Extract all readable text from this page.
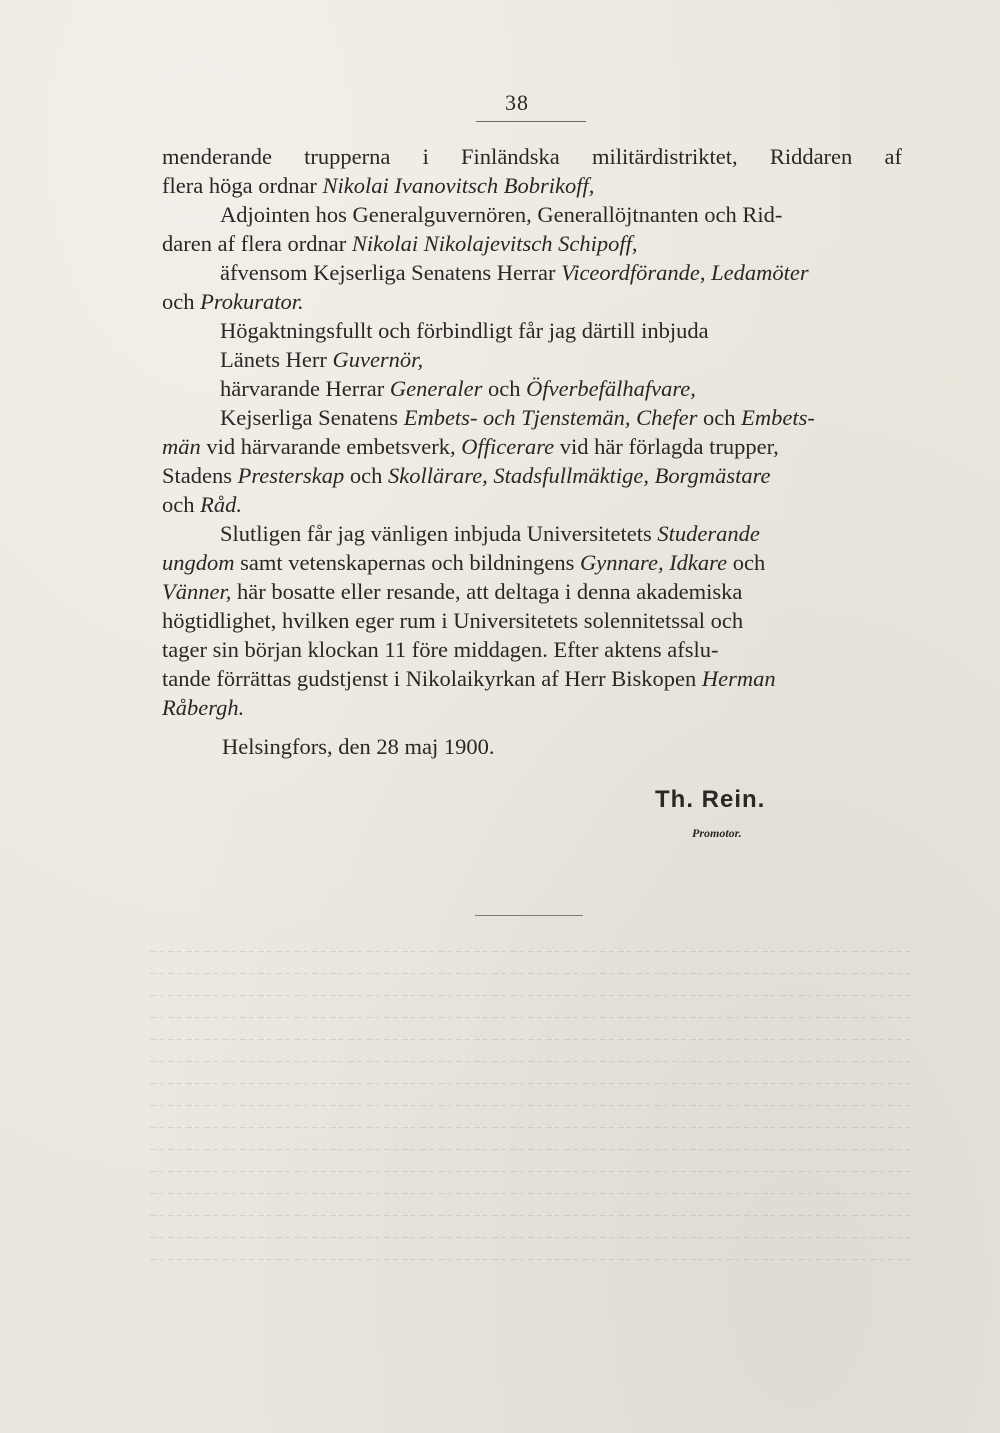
38
menderande trupperna i Finländska militärdistriktet, Riddaren af
flera höga ordnar Nikolai Ivanovitsch Bobrikoff,
Adjointen hos Generalguvernören, Generallöjtnanten och Rid-
daren af flera ordnar Nikolai Nikolajevitsch Schipoff,
äfvensom Kejserliga Senatens Herrar Viceordförande, Ledamöter
och Prokurator.
Högaktningsfullt och förbindligt får jag därtill inbjuda
Länets Herr Guvernör,
härvarande Herrar Generaler och Öfverbefälhafvare,
Kejserliga Senatens Embets- och Tjenstemän, Chefer och Embets-
män vid härvarande embetsverk, Officerare vid här förlagda trupper,
Stadens Presterskap och Skollärare, Stadsfullmäktige, Borgmästare
och Råd.
Slutligen får jag vänligen inbjuda Universitetets Studerande
ungdom samt vetenskapernas och bildningens Gynnare, Idkare och
Vänner, här bosatte eller resande, att deltaga i denna akademiska
högtidlighet, hvilken eger rum i Universitetets solennitetssal och
tager sin början klockan 11 före middagen. Efter aktens afslu-
tande förrättas gudstjenst i Nikolaikyrkan af Herr Biskopen Herman
Råbergh.
Helsingfors, den 28 maj 1900.
Th. Rein.
Promotor.
